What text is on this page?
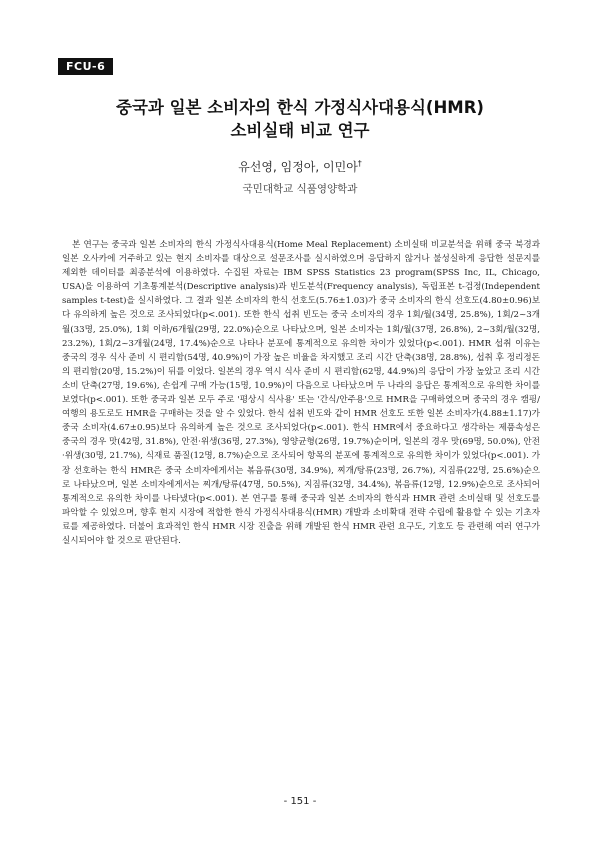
FCU-6
중국과 일본 소비자의 한식 가정식사대용식(HMR)
소비실태 비교 연구
유선영, 임정아, 이민아†
국민대학교 식품영양학과

본 연구는 중국과 일본 소비자의 한식 가정식사대용식(Home Meal Replacement) 소비실태 비교분석을 위해 중국 북경과 일본 오사카에 거주하고 있는 현지 소비자를 대상으로 설문조사를 실시하였으며 응답하지 않거나 불성실하게 응답한 설문지를 제외한 데이터를 최종분석에 이용하였다. 수집된 자료는 IBM SPSS Statistics 23 program(SPSS Inc, IL, Chicago, USA)을 이용하여 기초통계분석(Descriptive analysis)과 빈도분석(Frequency analysis), 독립표본 t-검정(Independent samples t-test)을 실시하였다. 그 결과 일본 소비자의 한식 선호도(5.76±1.03)가 중국 소비자의 한식 선호도(4.80±0.96)보다 유의하게 높은 것으로 조사되었다(p<.001). 또한 한식 섭취 빈도는 중국 소비자의 경우 1회/월(34명, 25.8%), 1회/2~3개월(33명, 25.0%), 1회 이하/6개월(29명, 22.0%)순으로 나타났으며, 일본 소비자는 1회/월(37명, 26.8%), 2~3회/월(32명, 23.2%), 1회/2~3개월(24명, 17.4%)순으로 나타나 분포에 통계적으로 유의한 차이가 있었다(p<.001). HMR 섭취 이유는 중국의 경우 식사 준비 시 편리함(54명, 40.9%)이 가장 높은 비율을 차지했고 조리 시간 단축(38명, 28.8%), 섭취 후 정리정돈의 편리함(20명, 15.2%)이 뒤를 이었다. 일본의 경우 역시 식사 준비 시 편리함(62명, 44.9%)의 응답이 가장 높았고 조리 시간 소비 단축(27명, 19.6%), 손쉽게 구매 가능(15명, 10.9%)이 다음으로 나타났으며 두 나라의 응답은 통계적으로 유의한 차이를 보였다(p<.001). 또한 중국과 일본 모두 주로 '평상시 식사용' 또는 '간식/안주용'으로 HMR을 구매하였으며 중국의 경우 캠핑/여행의 용도로도 HMR을 구매하는 것을 알 수 있었다. 한식 섭취 빈도와 같이 HMR 선호도 또한 일본 소비자가(4.88±1.17)가 중국 소비자(4.67±0.95)보다 유의하게 높은 것으로 조사되었다(p<.001). 한식 HMR에서 중요하다고 생각하는 제품속성은 중국의 경우 맛(42명, 31.8%), 안전·위생(36명, 27.3%), 영양균형(26명, 19.7%)순이며, 일본의 경우 맛(69명, 50.0%), 안전·위생(30명, 21.7%), 식재료 품질(12명, 8.7%)순으로 조사되어 항목의 분포에 통계적으로 유의한 차이가 있었다(p<.001). 가장 선호하는 한식 HMR은 중국 소비자에게서는 볶음류(30명, 34.9%), 찌개/탕류(23명, 26.7%), 지짐류(22명, 25.6%)순으로 나타났으며, 일본 소비자에게서는 찌개/탕류(47명, 50.5%), 지짐류(32명, 34.4%), 볶음류(12명, 12.9%)순으로 조사되어 통계적으로 유의한 차이를 나타냈다(p<.001). 본 연구를 통해 중국과 일본 소비자의 한식과 HMR 관련 소비실태 및 선호도를 파악할 수 있었으며, 향후 현지 시장에 적합한 한식 가정식사대용식(HMR) 개발과 소비확대 전략 수립에 활용할 수 있는 기초자료를 제공하였다. 더불어 효과적인 한식 HMR 시장 진출을 위해 개발된 한식 HMR 관련 요구도, 기호도 등 관련해 여러 연구가 실시되어야 할 것으로 판단된다.

- 151 -
